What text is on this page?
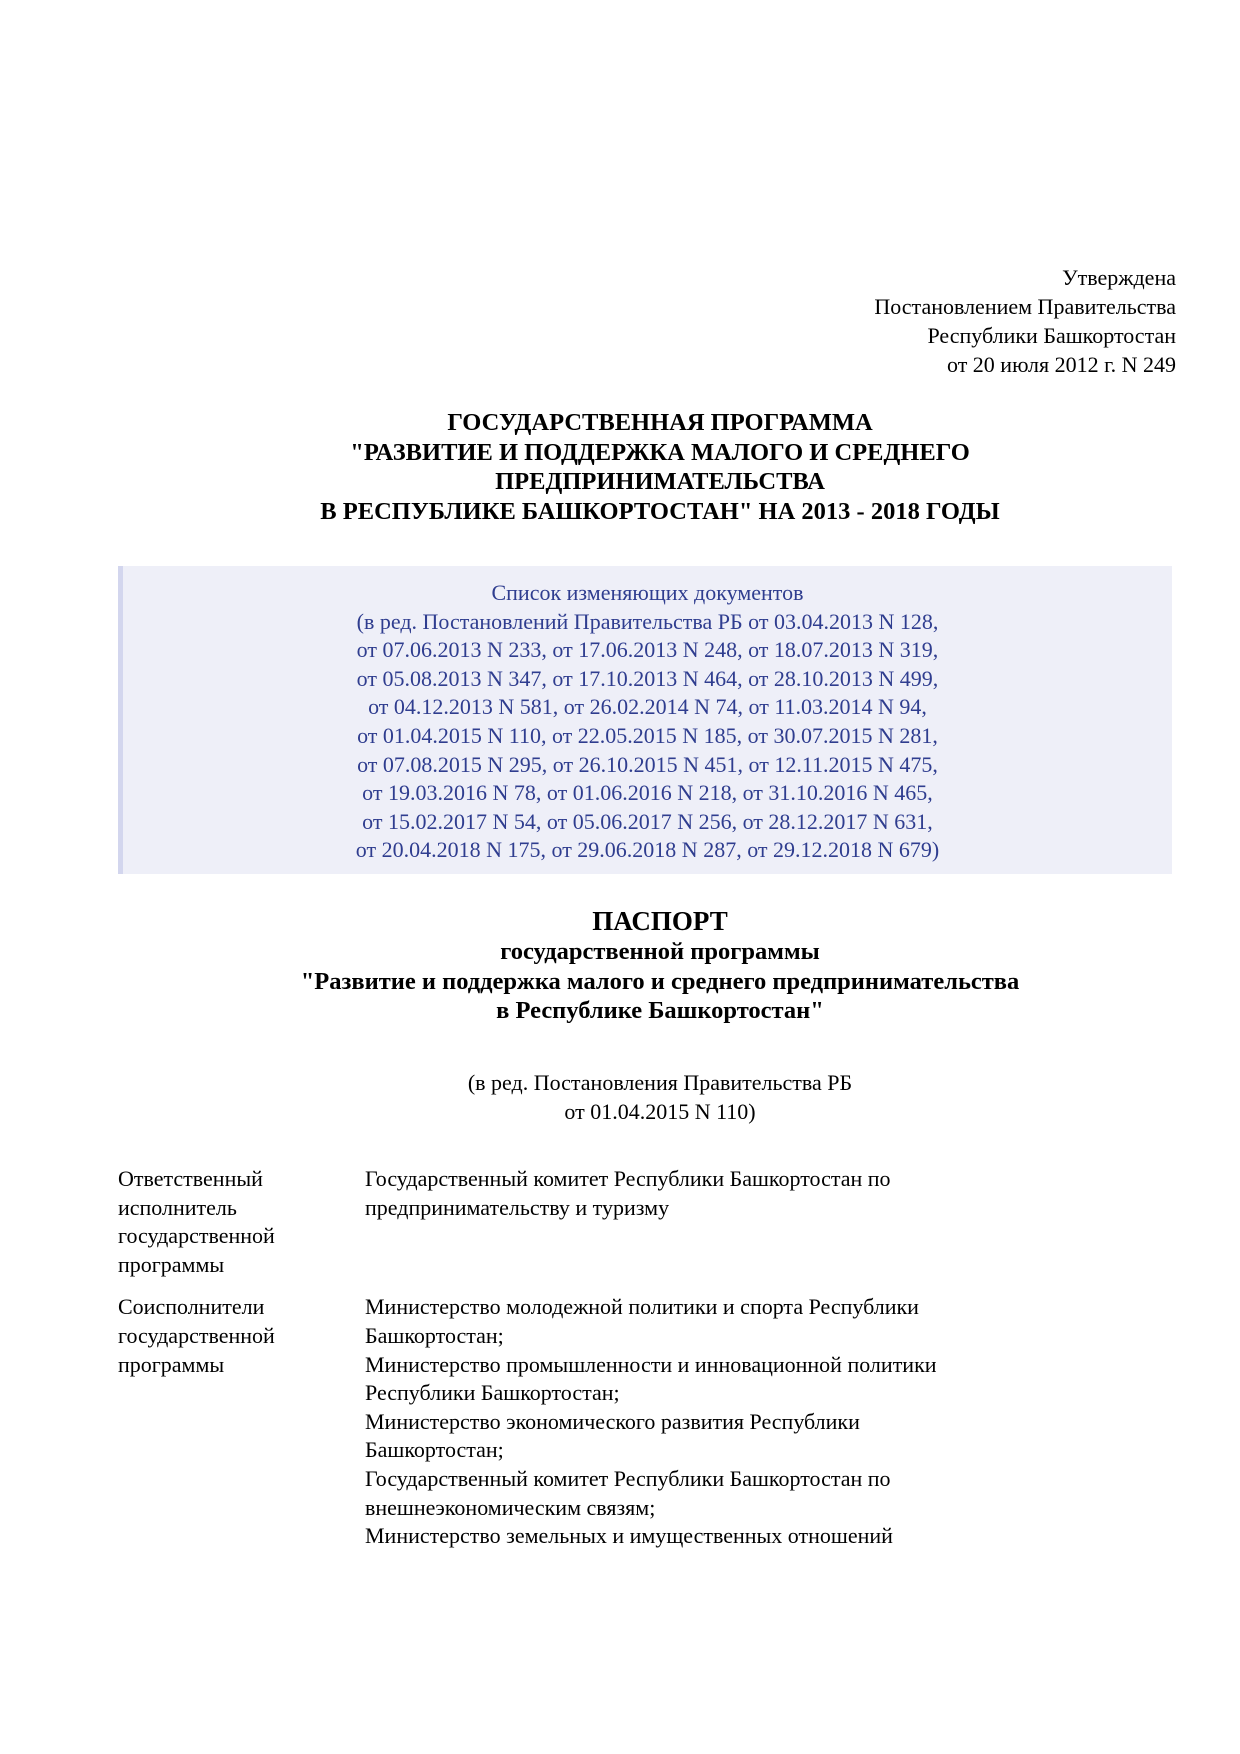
Утверждена
Постановлением Правительства
Республики Башкортостан
от 20 июля 2012 г. N 249
ГОСУДАРСТВЕННАЯ ПРОГРАММА
"РАЗВИТИЕ И ПОДДЕРЖКА МАЛОГО И СРЕДНЕГО
ПРЕДПРИНИМАТЕЛЬСТВА
В РЕСПУБЛИКЕ БАШКОРТОСТАН" НА 2013 - 2018 ГОДЫ
Список изменяющих документов
(в ред. Постановлений Правительства РБ от 03.04.2013 N 128,
от 07.06.2013 N 233, от 17.06.2013 N 248, от 18.07.2013 N 319,
от 05.08.2013 N 347, от 17.10.2013 N 464, от 28.10.2013 N 499,
от 04.12.2013 N 581, от 26.02.2014 N 74, от 11.03.2014 N 94,
от 01.04.2015 N 110, от 22.05.2015 N 185, от 30.07.2015 N 281,
от 07.08.2015 N 295, от 26.10.2015 N 451, от 12.11.2015 N 475,
от 19.03.2016 N 78, от 01.06.2016 N 218, от 31.10.2016 N 465,
от 15.02.2017 N 54, от 05.06.2017 N 256, от 28.12.2017 N 631,
от 20.04.2018 N 175, от 29.06.2018 N 287, от 29.12.2018 N 679)
ПАСПОРТ
государственной программы
"Развитие и поддержка малого и среднего предпринимательства
в Республике Башкортостан"
(в ред. Постановления Правительства РБ
от 01.04.2015 N 110)
Ответственный
исполнитель
государственной
программы
Государственный комитет Республики Башкортостан по
предпринимательству и туризму
Соисполнители
государственной
программы
Министерство молодежной политики и спорта Республики
Башкортостан;
Министерство промышленности и инновационной политики
Республики Башкортостан;
Министерство экономического развития Республики
Башкортостан;
Государственный комитет Республики Башкортостан по
внешнеэкономическим связям;
Министерство земельных и имущественных отношений
